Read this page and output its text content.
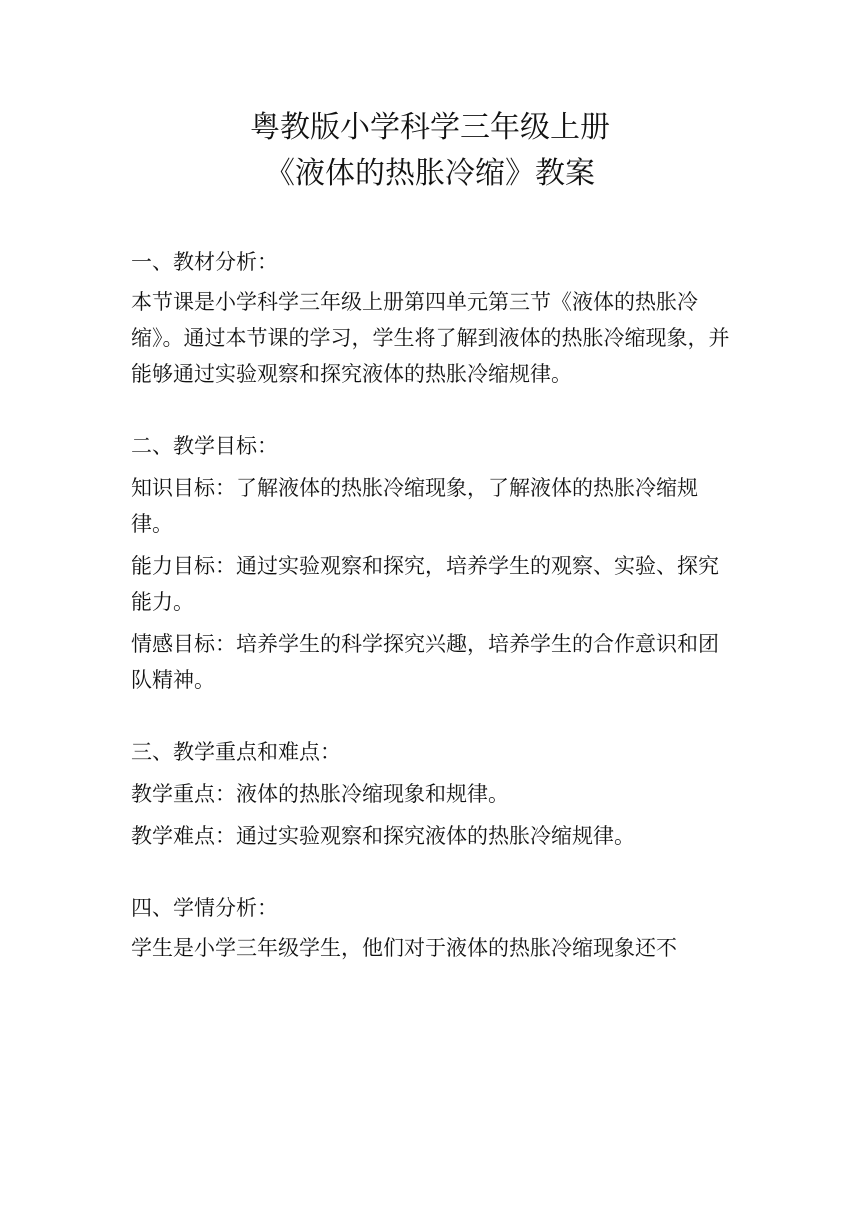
粤教版小学科学三年级上册
《液体的热胀冷缩》教案
一、教材分析：
本节课是小学科学三年级上册第四单元第三节《液体的热胀冷缩》。通过本节课的学习，学生将了解到液体的热胀冷缩现象，并能够通过实验观察和探究液体的热胀冷缩规律。
二、教学目标：
知识目标：了解液体的热胀冷缩现象，了解液体的热胀冷缩规律。
能力目标：通过实验观察和探究，培养学生的观察、实验、探究能力。
情感目标：培养学生的科学探究兴趣，培养学生的合作意识和团队精神。
三、教学重点和难点：
教学重点：液体的热胀冷缩现象和规律。
教学难点：通过实验观察和探究液体的热胀冷缩规律。
四、学情分析：
学生是小学三年级学生，他们对于液体的热胀冷缩现象还不
